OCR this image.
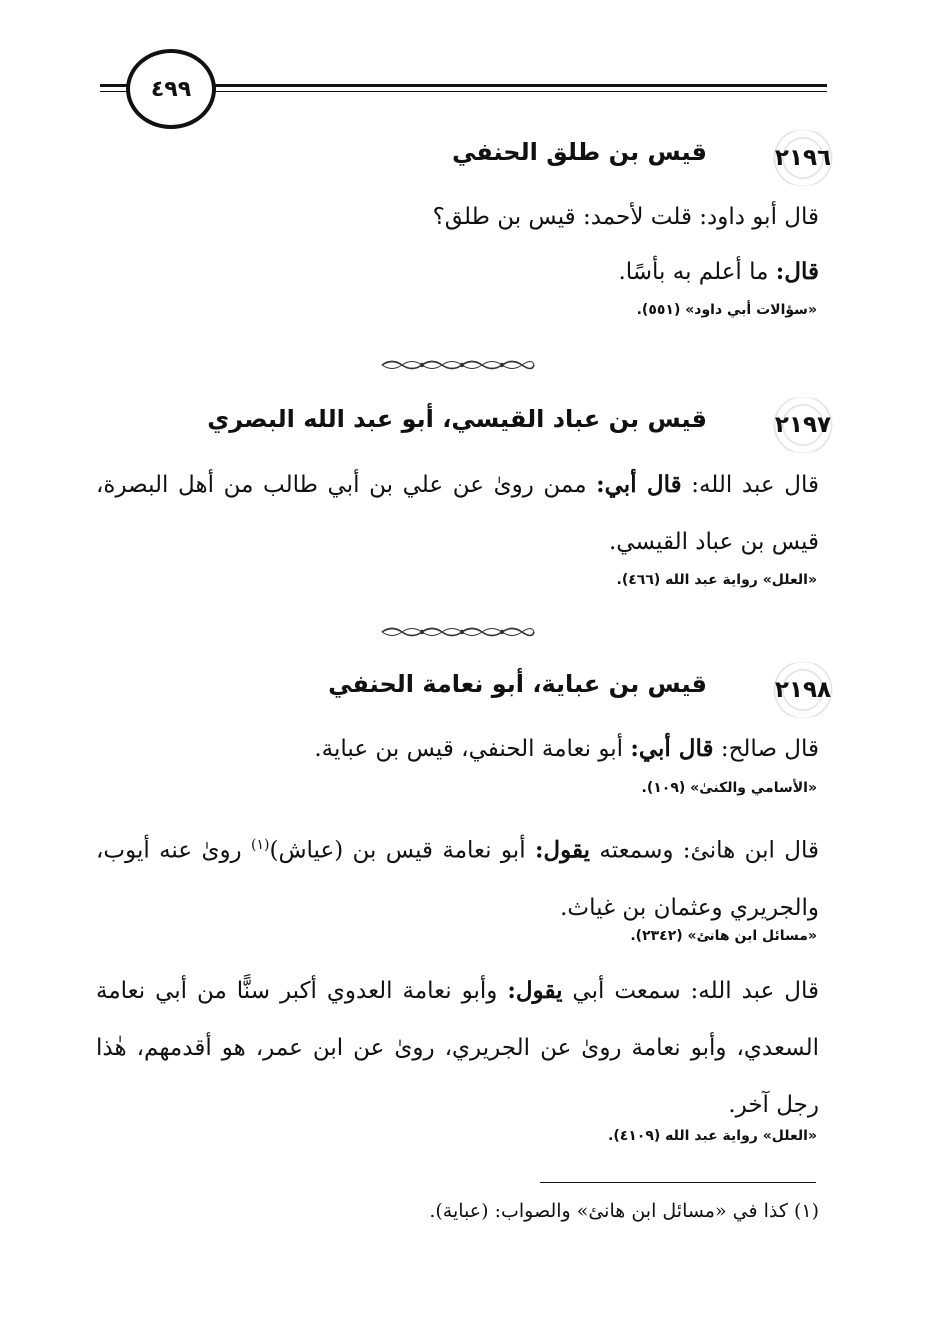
٤٩٩
٢١٩٦
قيس بن طلق الحنفي
قال أبو داود: قلت لأحمد: قيس بن طلق؟
قال: ما أعلم به بأسًا.
«سؤالات أبي داود» (٥٥١).
٢١٩٧
قيس بن عباد القيسي، أبو عبد الله البصري
قال عبد الله: قال أبي: ممن رویٰ عن علي بن أبي طالب من أهل البصرة، قيس بن عباد القيسي.
«العلل» رواية عبد الله (٤٦٦).
٢١٩٨
قيس بن عباية، أبو نعامة الحنفي
قال صالح: قال أبي: أبو نعامة الحنفي، قيس بن عباية.
«الأسامي والكنىٰ» (١٠٩).
قال ابن هانئ: وسمعته يقول: أبو نعامة قيس بن (عياش)$^{(١)}$ رویٰ عنه أيوب، والجريري وعثمان بن غياث.
«مسائل ابن هانئ» (٢٣٤٢).
قال عبد الله: سمعت أبي يقول: وأبو نعامة العدوي أكبر سنًّا من أبي نعامة السعدي، وأبو نعامة رویٰ عن الجريري، رویٰ عن ابن عمر، هو أقدمهم، هٰذا رجل آخر.
«العلل» رواية عبد الله (٤١٠٩).
(١) كذا في «مسائل ابن هانئ» والصواب: (عباية).
